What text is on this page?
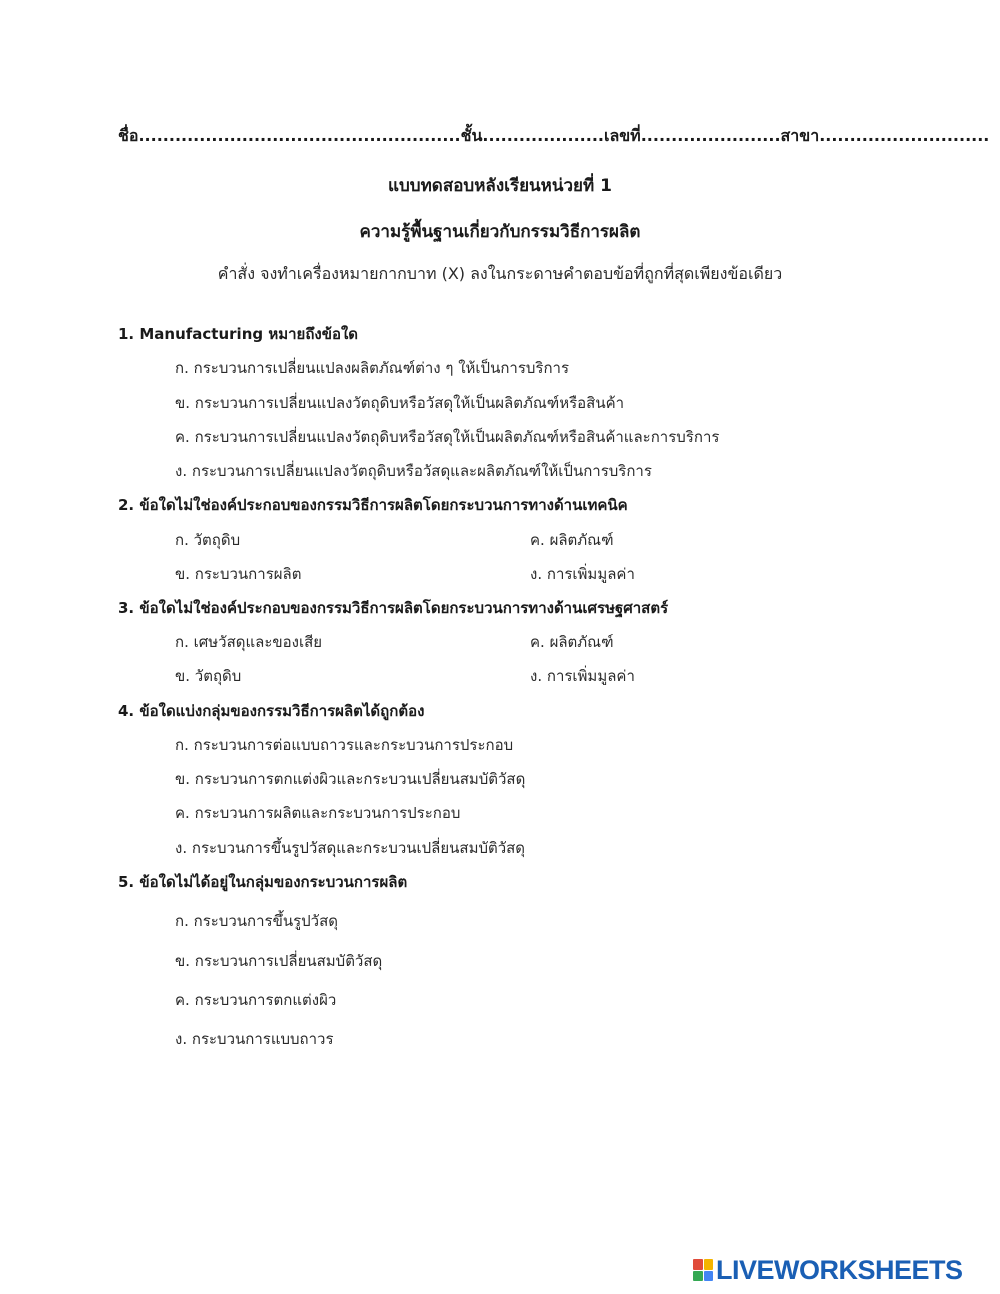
ชื่อ.....................................................ชั้น....................เลขที่.......................สาขา............................
แบบทดสอบหลังเรียนหน่วยที่ 1
ความรู้พื้นฐานเกี่ยวกับกรรมวิธีการผลิต
คำสั่ง จงทำเครื่องหมายกากบาท (X) ลงในกระดาษคำตอบข้อที่ถูกที่สุดเพียงข้อเดียว
1. Manufacturing หมายถึงข้อใด
ก. กระบวนการเปลี่ยนแปลงผลิตภัณฑ์ต่าง ๆ ให้เป็นการบริการ
ข. กระบวนการเปลี่ยนแปลงวัตถุดิบหรือวัสดุให้เป็นผลิตภัณฑ์หรือสินค้า
ค. กระบวนการเปลี่ยนแปลงวัตถุดิบหรือวัสดุให้เป็นผลิตภัณฑ์หรือสินค้าและการบริการ
ง. กระบวนการเปลี่ยนแปลงวัตถุดิบหรือวัสดุและผลิตภัณฑ์ให้เป็นการบริการ
2. ข้อใดไม่ใช่องค์ประกอบของกรรมวิธีการผลิตโดยกระบวนการทางด้านเทคนิค
ก. วัตถุดิบ	ค. ผลิตภัณฑ์
ข. กระบวนการผลิต	ง. การเพิ่มมูลค่า
3. ข้อใดไม่ใช่องค์ประกอบของกรรมวิธีการผลิตโดยกระบวนการทางด้านเศรษฐศาสตร์
ก. เศษวัสดุและของเสีย	ค. ผลิตภัณฑ์
ข. วัตถุดิบ	ง. การเพิ่มมูลค่า
4. ข้อใดแบ่งกลุ่มของกรรมวิธีการผลิตได้ถูกต้อง
ก. กระบวนการต่อแบบถาวรและกระบวนการประกอบ
ข. กระบวนการตกแต่งผิวและกระบวนเปลี่ยนสมบัติวัสดุ
ค. กระบวนการผลิตและกระบวนการประกอบ
ง. กระบวนการขึ้นรูปวัสดุและกระบวนเปลี่ยนสมบัติวัสดุ
5. ข้อใดไม่ได้อยู่ในกลุ่มของกระบวนการผลิต
ก. กระบวนการขึ้นรูปวัสดุ
ข. กระบวนการเปลี่ยนสมบัติวัสดุ
ค. กระบวนการตกแต่งผิว
ง. กระบวนการแบบถาวร
LIVEWORKSHEETS
